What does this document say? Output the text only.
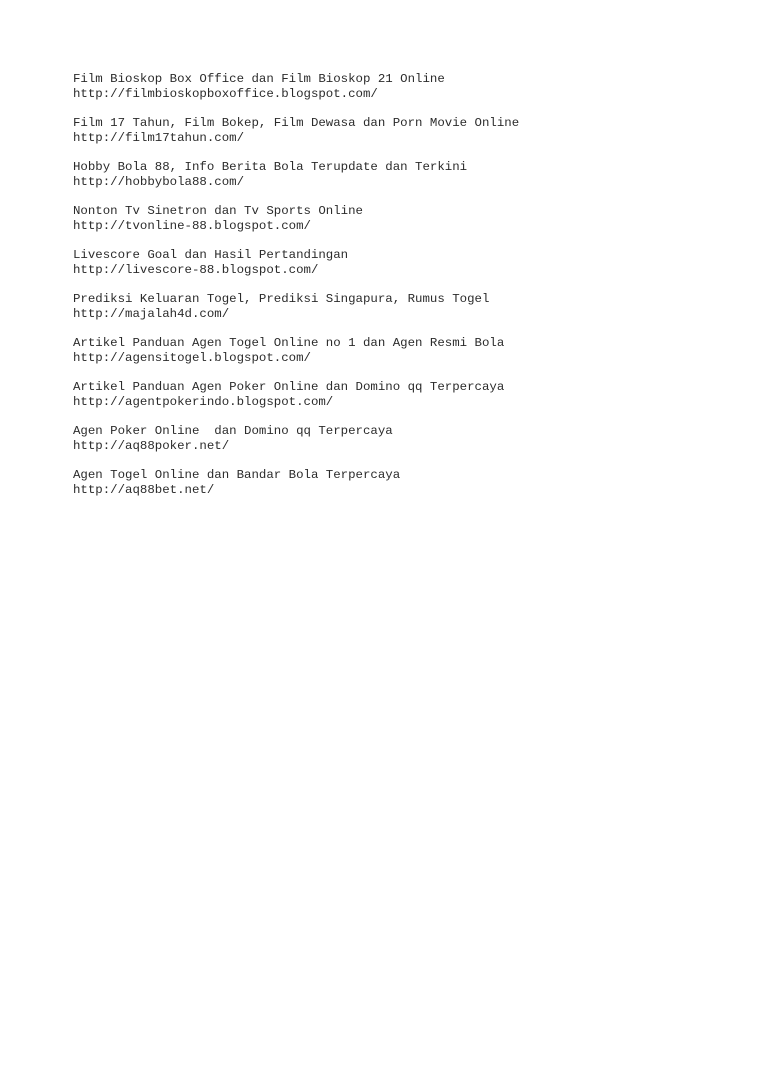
Film Bioskop Box Office dan Film Bioskop 21 Online
http://filmbioskopboxoffice.blogspot.com/
Film 17 Tahun, Film Bokep, Film Dewasa dan Porn Movie Online
http://film17tahun.com/
Hobby Bola 88, Info Berita Bola Terupdate dan Terkini
http://hobbybola88.com/
Nonton Tv Sinetron dan Tv Sports Online
http://tvonline-88.blogspot.com/
Livescore Goal dan Hasil Pertandingan
http://livescore-88.blogspot.com/
Prediksi Keluaran Togel, Prediksi Singapura, Rumus Togel
http://majalah4d.com/
Artikel Panduan Agen Togel Online no 1 dan Agen Resmi Bola
http://agensitogel.blogspot.com/
Artikel Panduan Agen Poker Online dan Domino qq Terpercaya
http://agentpokerindo.blogspot.com/
Agen Poker Online  dan Domino qq Terpercaya
http://aq88poker.net/
Agen Togel Online dan Bandar Bola Terpercaya
http://aq88bet.net/
